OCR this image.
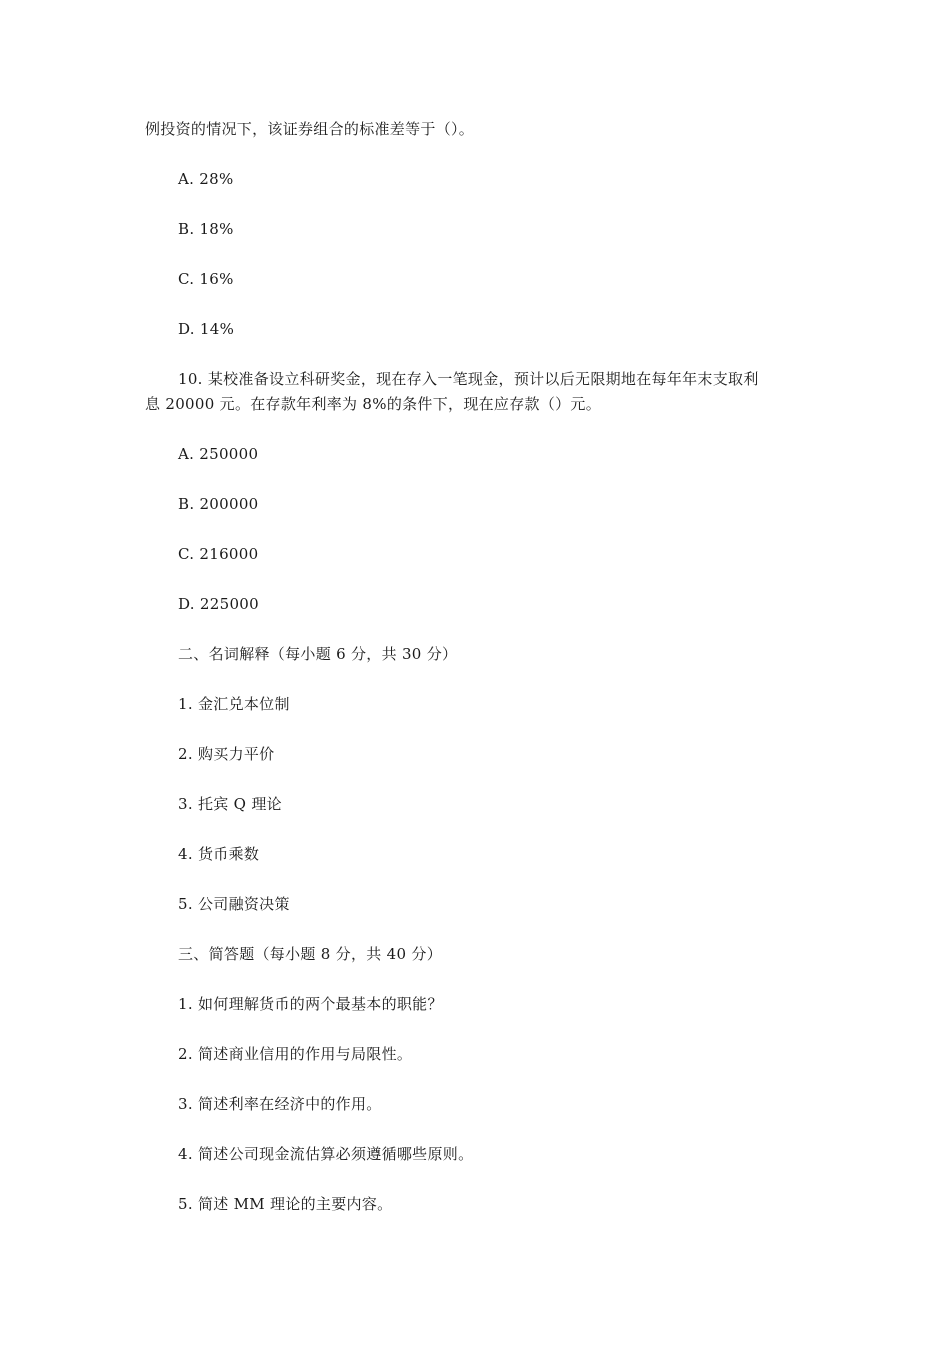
例投资的情况下，该证券组合的标准差等于（）。
A. 28%
B. 18%
C. 16%
D. 14%
10. 某校准备设立科研奖金，现在存入一笔现金，预计以后无限期地在每年年末支取利
息 20000 元。在存款年利率为 8%的条件下，现在应存款（）元。
A. 250000
B. 200000
C. 216000
D. 225000
二、名词解释（每小题 6 分，共 30 分）
1. 金汇兑本位制
2. 购买力平价
3. 托宾 Q 理论
4. 货币乘数
5. 公司融资决策
三、简答题（每小题 8 分，共 40 分）
1. 如何理解货币的两个最基本的职能？
2. 简述商业信用的作用与局限性。
3. 简述利率在经济中的作用。
4. 简述公司现金流估算必须遵循哪些原则。
5. 简述 MM 理论的主要内容。
